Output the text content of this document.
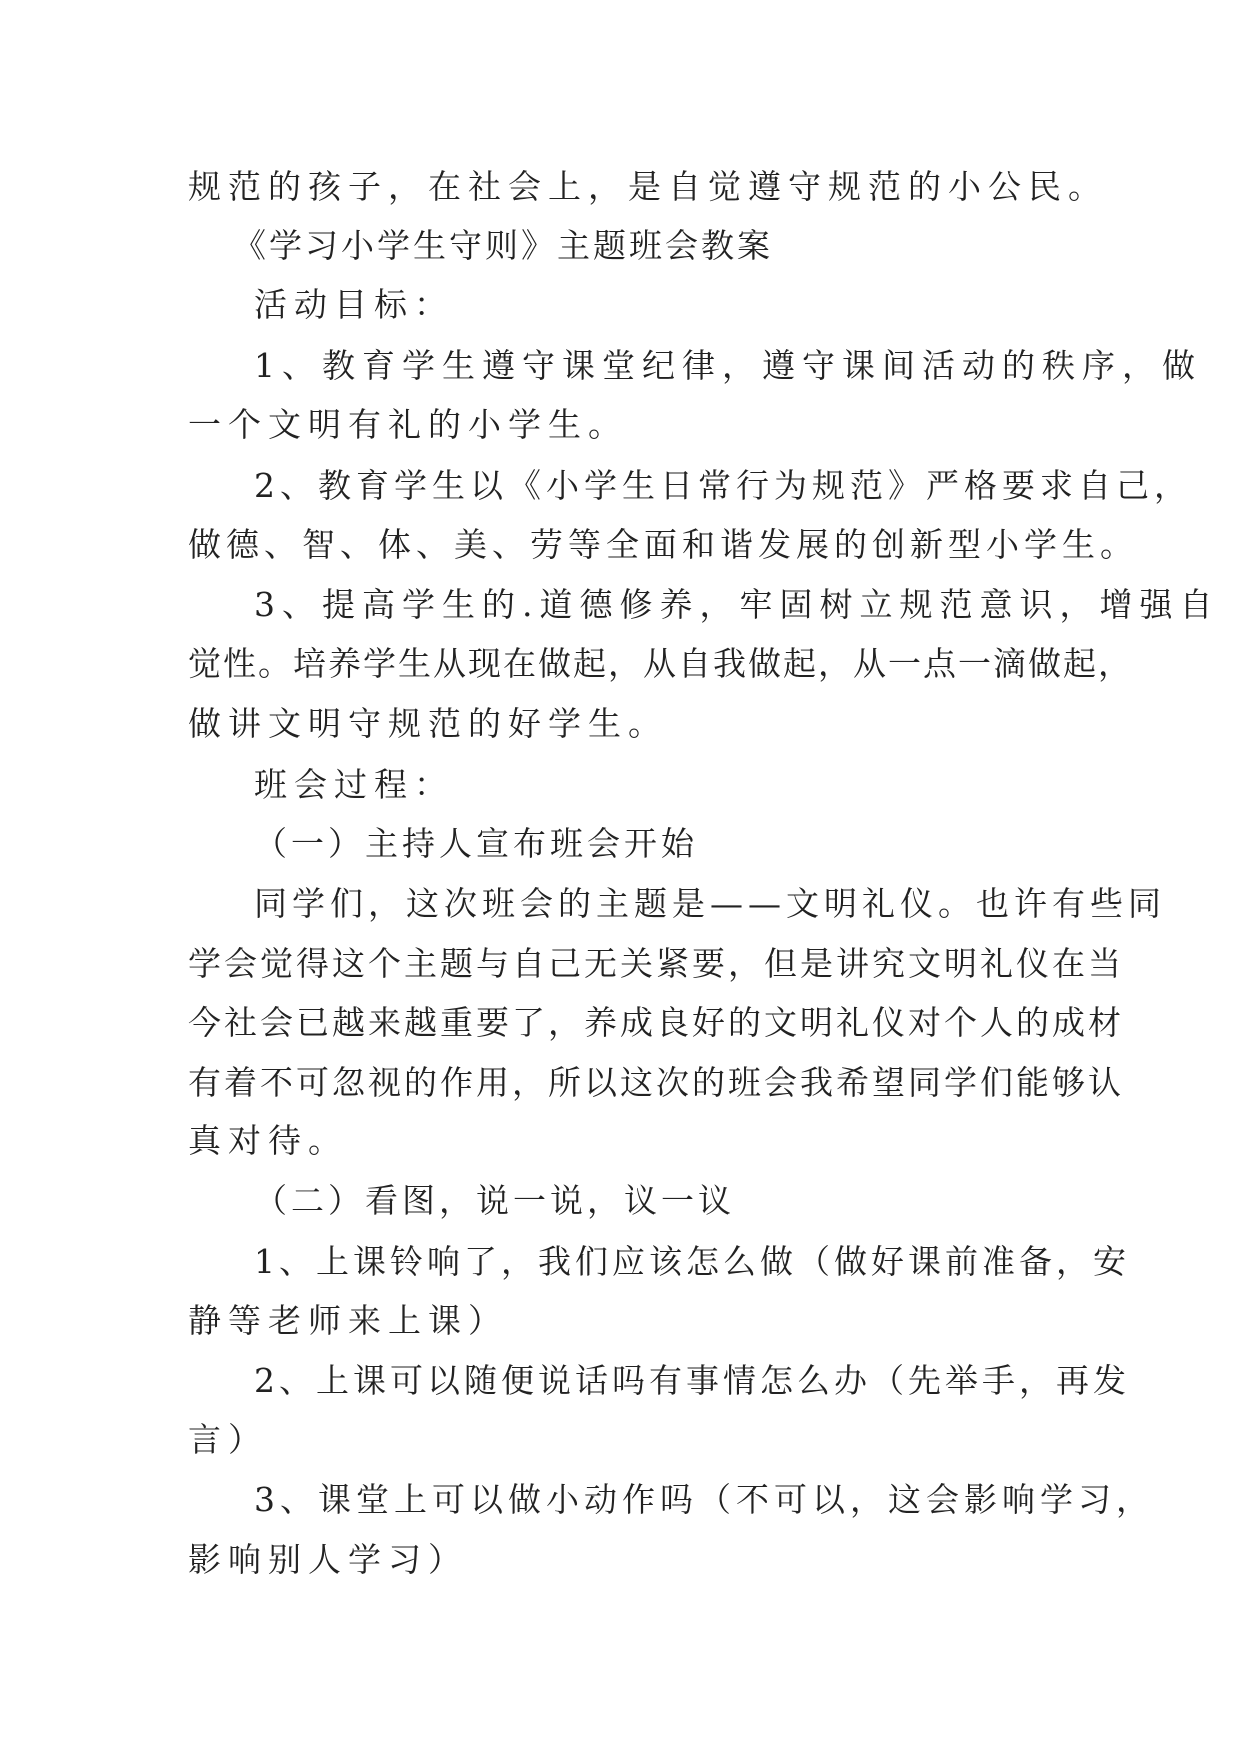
规范的孩子，在社会上，是自觉遵守规范的小公民。
《学习小学生守则》主题班会教案
活动目标：
1、教育学生遵守课堂纪律，遵守课间活动的秩序，做
一个文明有礼的小学生。
2、教育学生以《小学生日常行为规范》严格要求自己，
做德、智、体、美、劳等全面和谐发展的创新型小学生。
3、提高学生的.道德修养，牢固树立规范意识，增强自
觉性。培养学生从现在做起，从自我做起，从一点一滴做起，
做讲文明守规范的好学生。
班会过程：
（一）主持人宣布班会开始
同学们，这次班会的主题是——文明礼仪。也许有些同
学会觉得这个主题与自己无关紧要，但是讲究文明礼仪在当
今社会已越来越重要了，养成良好的文明礼仪对个人的成材
有着不可忽视的作用，所以这次的班会我希望同学们能够认
真对待。
（二）看图，说一说，议一议
1、上课铃响了，我们应该怎么做（做好课前准备，安
静等老师来上课）
2、上课可以随便说话吗有事情怎么办（先举手，再发
言）
3、课堂上可以做小动作吗（不可以，这会影响学习，
影响别人学习）
